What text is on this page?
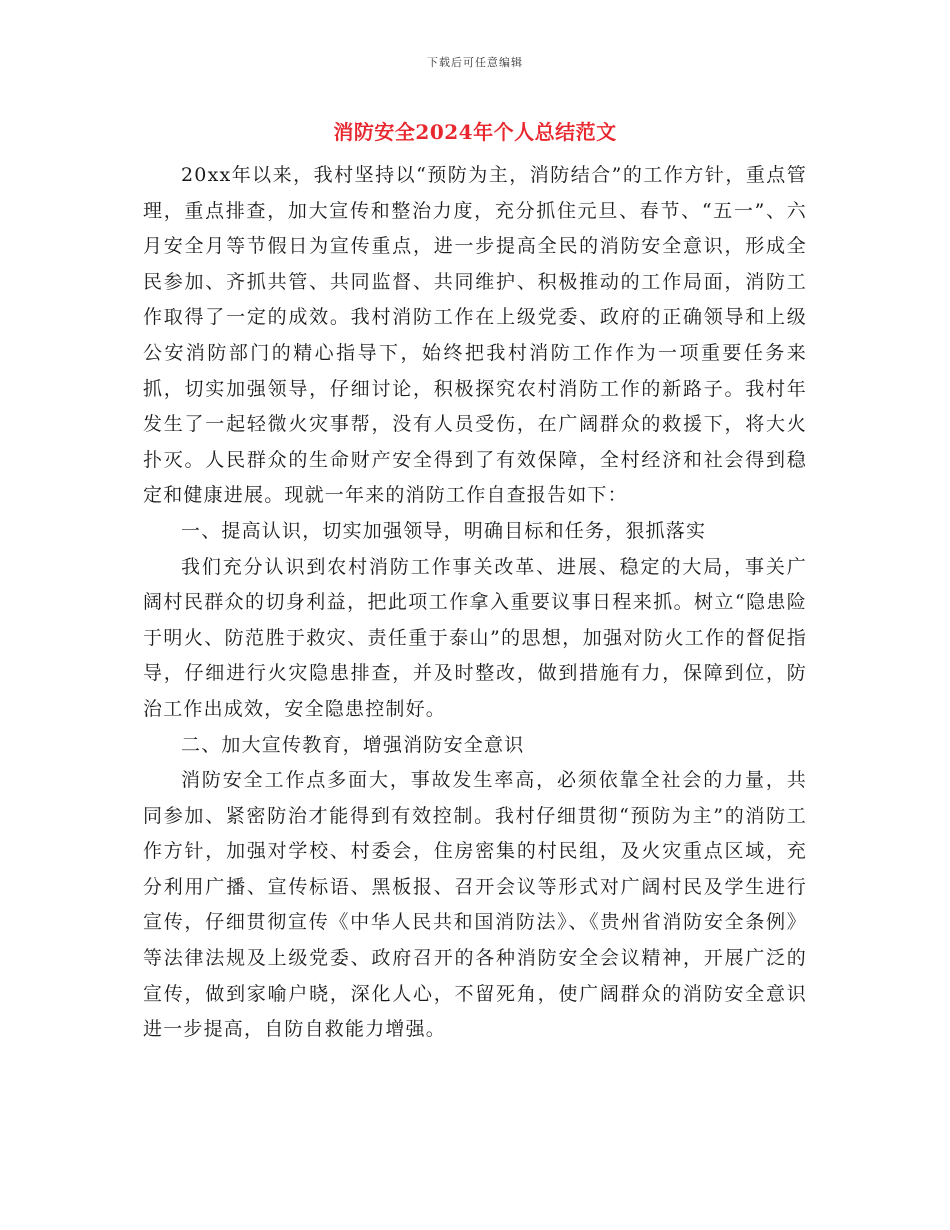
下载后可任意编辑
消防安全2024年个人总结范文

20xx年以来，我村坚持以“预防为主，消防结合”的工作方针，重点管理，重点排查，加大宣传和整治力度，充分抓住元旦、春节、“五一”、六月安全月等节假日为宣传重点，进一步提高全民的消防安全意识，形成全民参加、齐抓共管、共同监督、共同维护、积极推动的工作局面，消防工作取得了一定的成效。我村消防工作在上级党委、政府的正确领导和上级公安消防部门的精心指导下，始终把我村消防工作作为一项重要任务来抓，切实加强领导，仔细讨论，积极探究农村消防工作的新路子。我村年发生了一起轻微火灾事帮，没有人员受伤，在广阔群众的救援下，将大火扑灭。人民群众的生命财产安全得到了有效保障，全村经济和社会得到稳定和健康进展。现就一年来的消防工作自查报告如下：

一、提高认识，切实加强领导，明确目标和任务，狠抓落实

我们充分认识到农村消防工作事关改革、进展、稳定的大局，事关广阔村民群众的切身利益，把此项工作拿入重要议事日程来抓。树立“隐患险于明火、防范胜于救灾、责任重于泰山”的思想，加强对防火工作的督促指导，仔细进行火灾隐患排查，并及时整改，做到措施有力，保障到位，防治工作出成效，安全隐患控制好。

二、加大宣传教育，增强消防安全意识

消防安全工作点多面大，事故发生率高，必须依靠全社会的力量，共同参加、紧密防治才能得到有效控制。我村仔细贯彻“预防为主”的消防工作方针，加强对学校、村委会，住房密集的村民组，及火灾重点区域，充分利用广播、宣传标语、黑板报、召开会议等形式对广阔村民及学生进行宣传，仔细贯彻宣传《中华人民共和国消防法》、《贵州省消防安全条例》等法律法规及上级党委、政府召开的各种消防安全会议精神，开展广泛的宣传，做到家喻户晓，深化人心，不留死角，使广阔群众的消防安全意识进一步提高，自防自救能力增强。
